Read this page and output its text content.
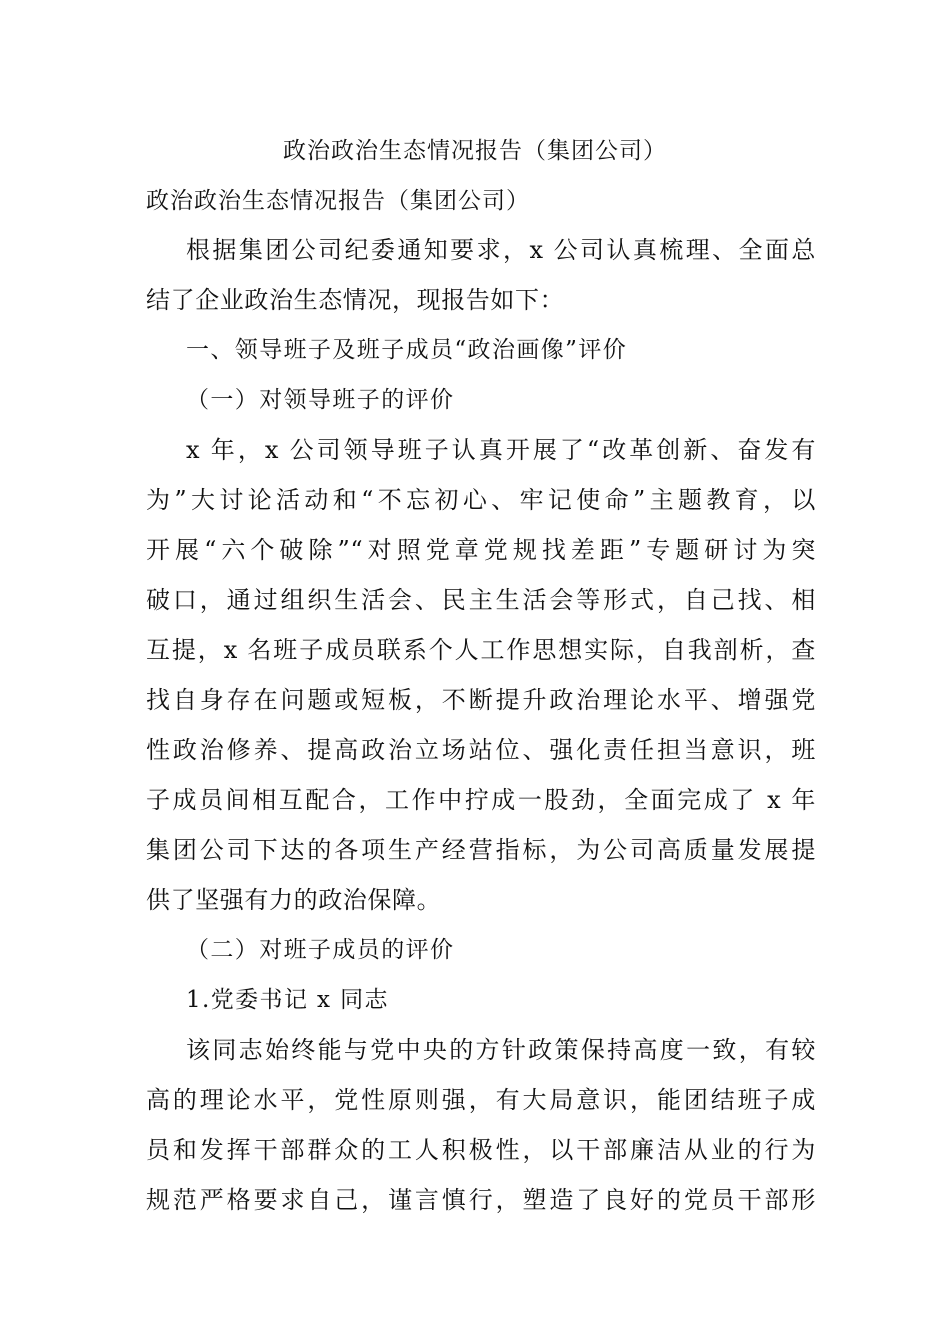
政治政治生态情况报告（集团公司）
政治政治生态情况报告（集团公司）
根据集团公司纪委通知要求，x 公司认真梳理、全面总
结了企业政治生态情况，现报告如下：
一、领导班子及班子成员“政治画像”评价
（一）对领导班子的评价
x 年，x 公司领导班子认真开展了“改革创新、奋发有
为”大讨论活动和“不忘初心、牢记使命”主题教育，以
开展“六个破除”“对照党章党规找差距”专题研讨为突
破口，通过组织生活会、民主生活会等形式，自己找、相
互提，x 名班子成员联系个人工作思想实际，自我剖析，查
找自身存在问题或短板，不断提升政治理论水平、增强党
性政治修养、提高政治立场站位、强化责任担当意识，班
子成员间相互配合，工作中拧成一股劲，全面完成了 x 年
集团公司下达的各项生产经营指标，为公司高质量发展提
供了坚强有力的政治保障。
（二）对班子成员的评价
1.党委书记 x 同志
该同志始终能与党中央的方针政策保持高度一致，有较
高的理论水平，党性原则强，有大局意识，能团结班子成
员和发挥干部群众的工人积极性，以干部廉洁从业的行为
规范严格要求自己，谨言慎行，塑造了良好的党员干部形
